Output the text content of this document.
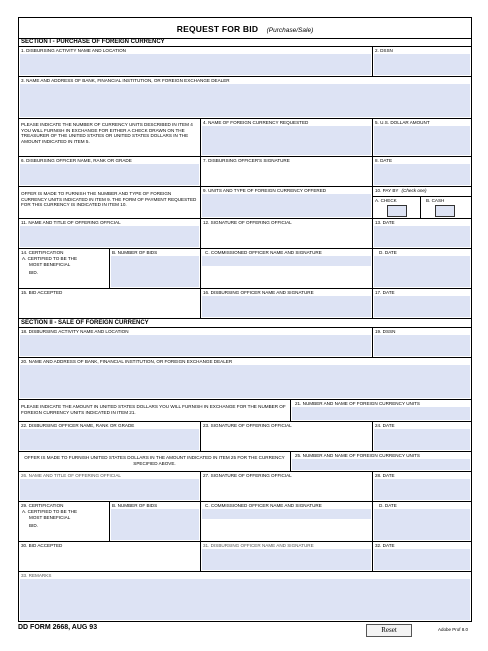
REQUEST FOR BID (Purchase/Sale)
SECTION I - PURCHASE OF FOREIGN CURRENCY
1. DISBURSING ACTIVITY NAME AND LOCATION	2. DSSN
3. NAME AND ADDRESS OF BANK, FINANCIAL INSTITUTION, OR FOREIGN EXCHANGE DEALER
PLEASE INDICATE THE NUMBER OF CURRENCY UNITS DESCRIBED IN ITEM 4 YOU WILL FURNISH IN EXCHANGE FOR EITHER A CHECK DRAWN ON THE TREASURER OF THE UNITED STATES OR UNITED STATES DOLLARS IN THE AMOUNT INDICATED IN ITEM 5.
4. NAME OF FOREIGN CURRENCY REQUESTED	5. U.S. DOLLAR AMOUNT
6. DISBURSING OFFICER NAME, RANK OR GRADE	7. DISBURSING OFFICER'S SIGNATURE	8. DATE
OFFER IS MADE TO FURNISH THE NUMBER AND TYPE OF FOREIGN CURRENCY UNITS INDICATED IN ITEM 9. THE FORM OF PAYMENT REQUESTED FOR THIS CURRENCY IS INDICATED IN ITEM 10.
9. UNITS AND TYPE OF FOREIGN CURRENCY OFFERED	10. PAY BY (Check one)
A. CHECK	B. CASH
11. NAME AND TITLE OF OFFERING OFFICIAL	12. SIGNATURE OF OFFERING OFFICIAL	13. DATE
14. CERTIFICATION
A. CERTIFIED TO BE THE
MOST BENEFICIAL
BID.
B. NUMBER OF BIDS	C. COMMISSIONED OFFICER NAME AND SIGNATURE	D. DATE
15. BID ACCEPTED	16. DISBURSING OFFICER NAME AND SIGNATURE	17. DATE
SECTION II - SALE OF FOREIGN CURRENCY
18. DISBURSING ACTIVITY NAME AND LOCATION	19. DSSN
20. NAME AND ADDRESS OF BANK, FINANCIAL INSTITUTION, OR FOREIGN EXCHANGE DEALER
PLEASE INDICATE THE AMOUNT IN UNITED STATES DOLLARS YOU WILL FURNISH IN EXCHANGE FOR THE NUMBER OF FOREIGN CURRENCY UNITS INDICATED IN ITEM 21.
21. NUMBER AND NAME OF FOREIGN CURRENCY UNITS
22. DISBURSING OFFICER NAME, RANK OR GRADE	23. SIGNATURE OF OFFERING OFFICIAL	24. DATE
OFFER IS MADE TO FURNISH UNITED STATES DOLLARS IN THE AMOUNT INDICATED IN ITEM 25 FOR THE CURRENCY SPECIFIED ABOVE.
25. NUMBER AND NAME OF FOREIGN CURRENCY UNITS
26. NAME AND TITLE OF OFFERING OFFICIAL	27. SIGNATURE OF OFFERING OFFICIAL	28. DATE
29. CERTIFICATION
A. CERTIFIED TO BE THE
MOST BENEFICIAL
BID.
B. NUMBER OF BIDS	C. COMMISSIONED OFFICER NAME AND SIGNATURE	D. DATE
30. BID ACCEPTED	31. DISBURSING OFFICER NAME AND SIGNATURE	32. DATE
33. REMARKS
DD FORM 2668, AUG 93	Reset	Adobe Prof 8.0
